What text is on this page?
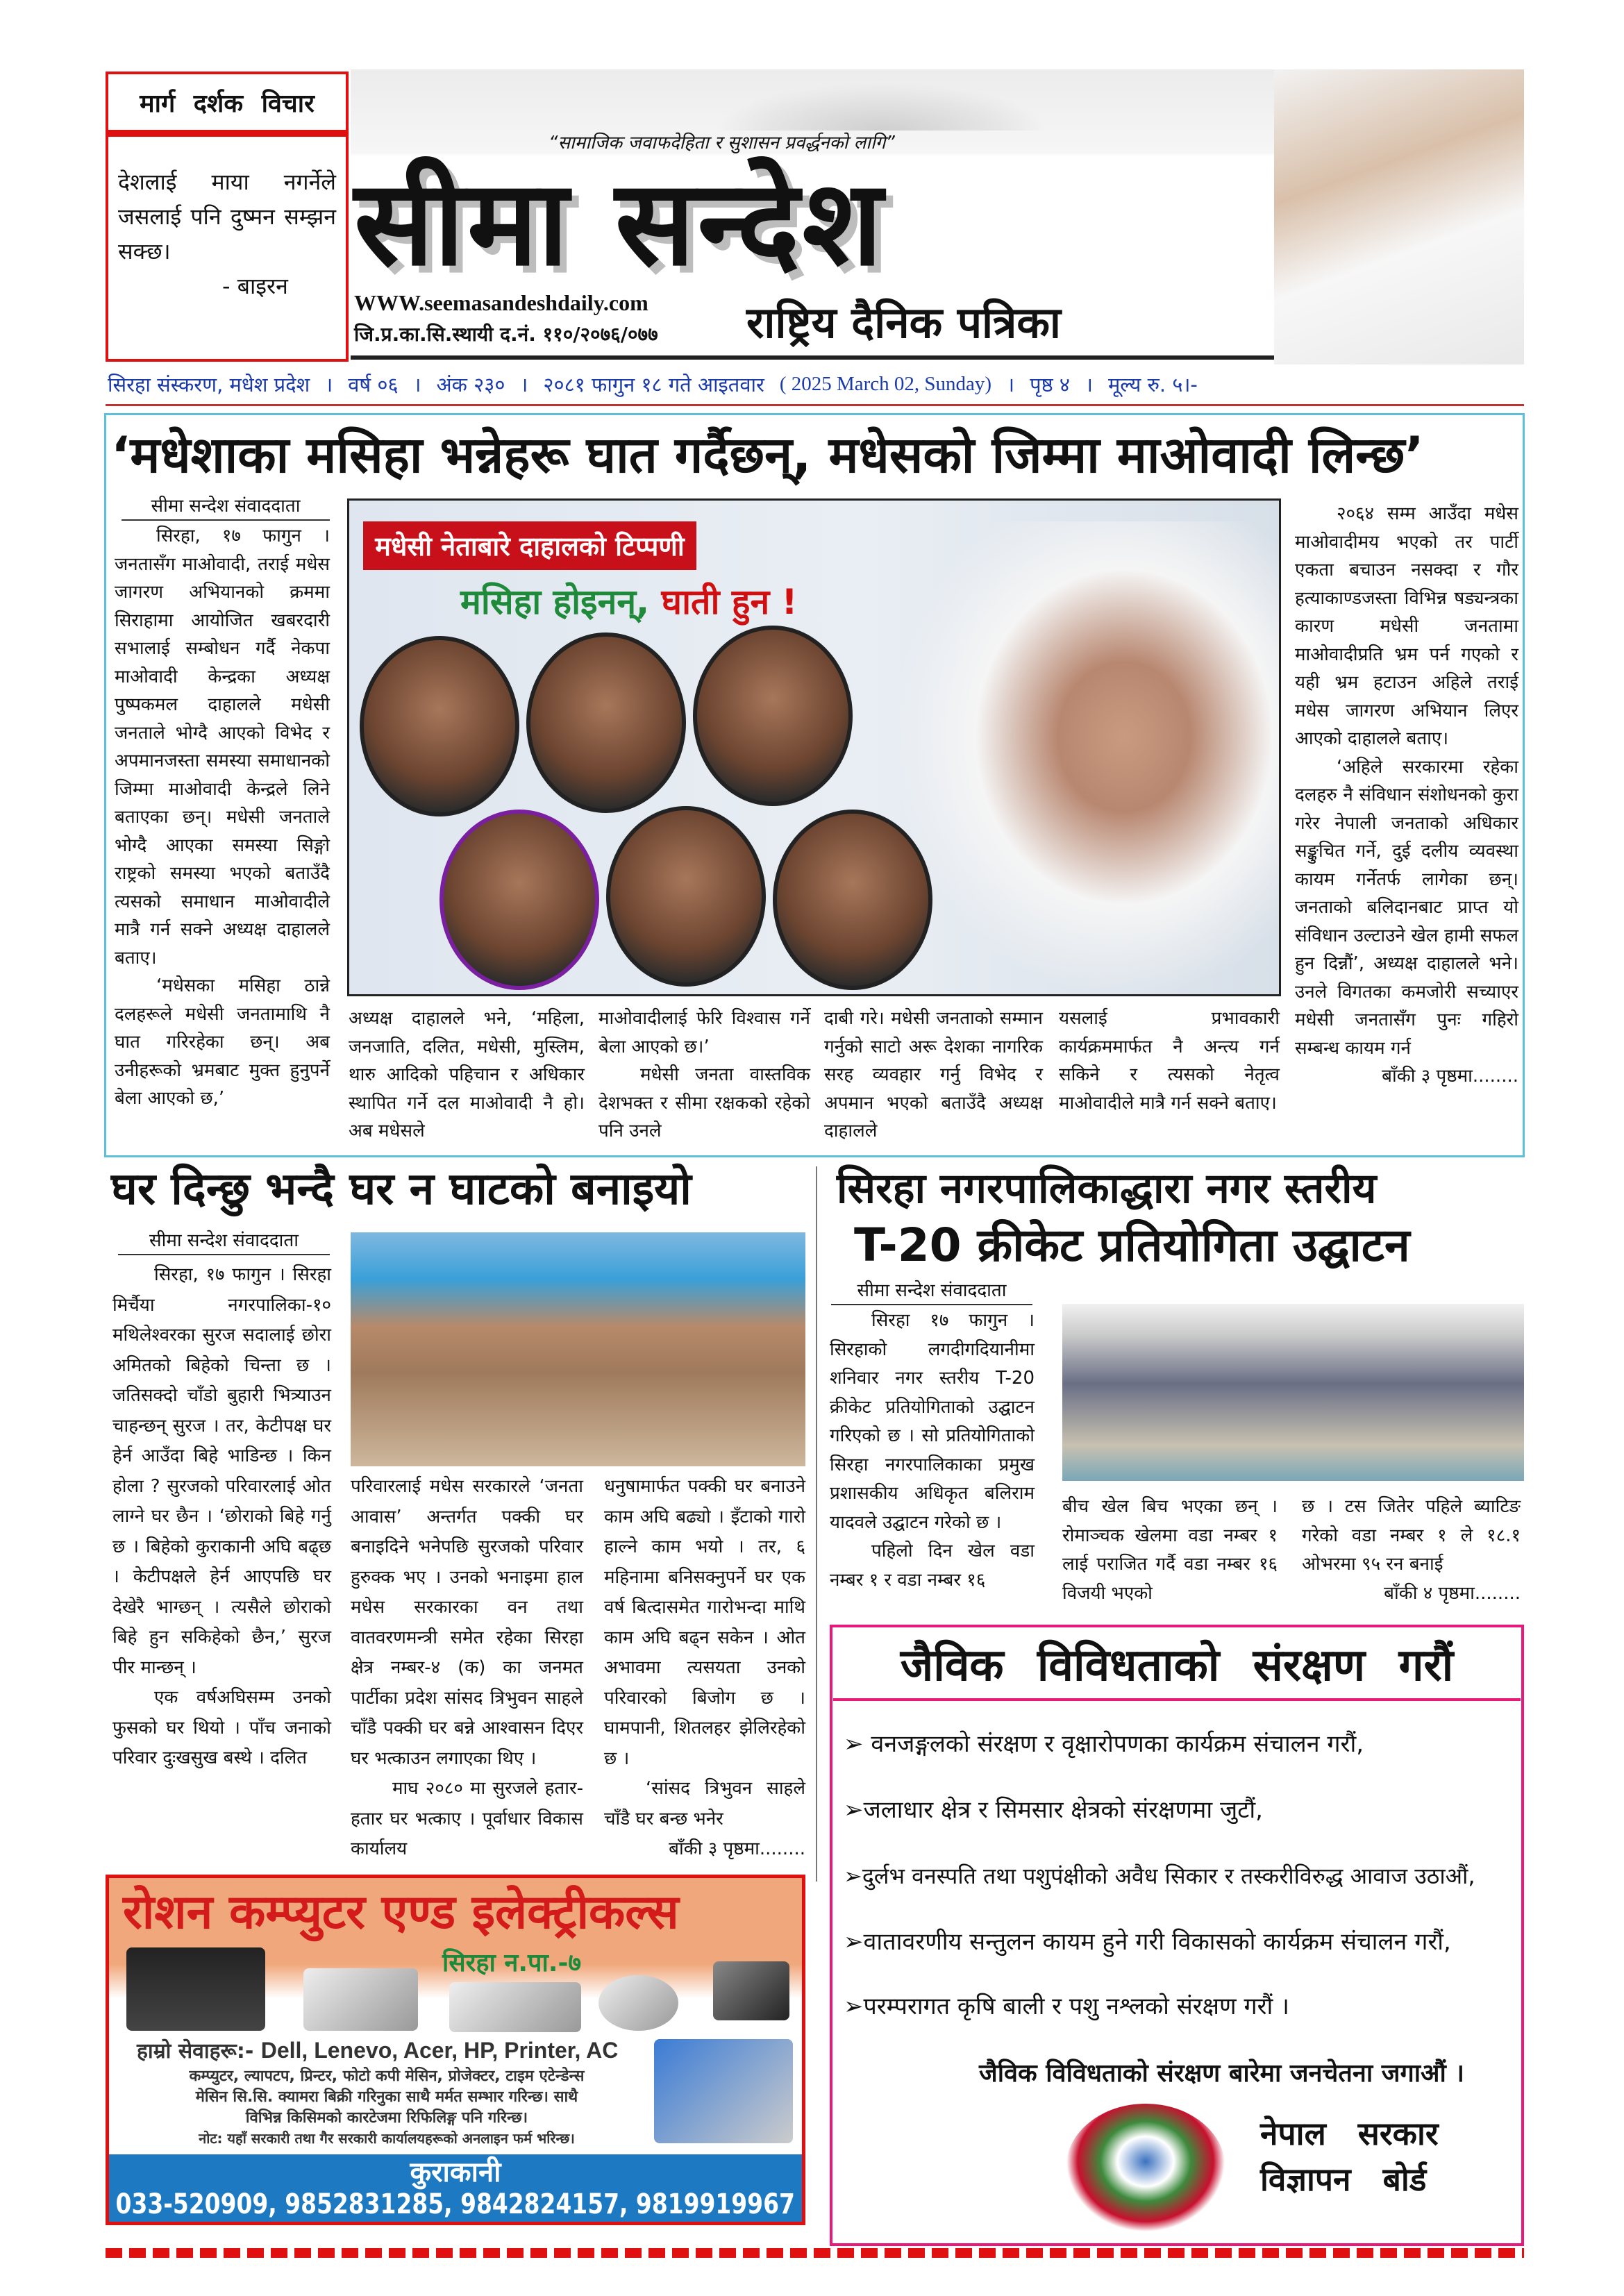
मार्ग दर्शक विचार
देशलाई माया नगर्नेले जसलाई पनि दुष्मन सम्झन सक्छ।

- बाइरन
“सामाजिक जवाफदेहिता र सुशासन प्रवर्द्धनको लागि”
सीमा सन्देश
WWW.seemasandeshdaily.com
जि.प्र.का.सि.स्थायी द.नं. ११०/२०७६/०७७ राष्ट्रिय दैनिक पत्रिका
सिरहा संस्करण, मधेश प्रदेश । वर्ष ०६ । अंक २३० । २०८१ फागुन १८ गते आइतवार ( 2025 March 02, Sunday) । पृष्ठ ४ । मूल्य रु. ५।-
‘मधेशाका मसिहा भन्नेहरू घात गर्दैछन्, मधेसको जिम्मा माओवादी लिन्छ’
सीमा सन्देश संवाददाता

सिरहा, १७ फागुन । जनतासँग माओवादी, तराई मधेस जागरण अभियानको क्रममा सिराहामा आयोजित खबरदारी सभालाई सम्बोधन गर्दै नेकपा माओवादी केन्द्रका अध्यक्ष पुष्पकमल दाहालले मधेसी जनताले भोग्दै आएको विभेद र अपमानजस्ता समस्या समाधानको जिम्मा माओवादी केन्द्रले लिने बताएका छन्। मधेसी जनताले भोग्दै आएका समस्या सिङ्गो राष्ट्रको समस्या भएको बताउँदै त्यसको समाधान माओवादीले मात्रै गर्न सक्ने अध्यक्ष दाहालले बताए।

‘मधेसका मसिहा ठान्ने दलहरूले मधेसी जनतामाथि नै घात गरिरहेका छन्। अब उनीहरूको भ्रमबाट मुक्त हुनुपर्ने बेला आएको छ,’

मधेसी नेताबारे दाहालको टिप्पणी
मसिहा होइनन्, घाती हुन !

अध्यक्ष दाहालले भने, ‘महिला, जनजाति, दलित, मधेसी, मुस्लिम, थारु आदिको पहिचान र अधिकार स्थापित गर्ने दल माओवादी नै हो। अब मधेसले

माओवादीलाई फेरि विश्वास गर्ने बेला आएको छ।’

मधेसी जनता वास्तविक देशभक्त र सीमा रक्षकको रहेको पनि उनले

दाबी गरे। मधेसी जनताको सम्मान गर्नुको साटो अरू देशका नागरिक सरह व्यवहार गर्नु विभेद र अपमान भएको बताउँदै अध्यक्ष दाहालले

यसलाई प्रभावकारी कार्यक्रममार्फत नै अन्त्य गर्न सकिने र त्यसको नेतृत्व माओवादीले मात्रै गर्न सक्ने बताए।

२०६४ सम्म आउँदा मधेस माओवादीमय भएको तर पार्टी एकता बचाउन नसक्दा र गौर हत्याकाण्डजस्ता विभिन्न षड्यन्त्रका कारण मधेसी जनतामा माओवादीप्रति भ्रम पर्न गएको र यही भ्रम हटाउन अहिले तराई मधेस जागरण अभियान लिएर आएको दाहालले बताए।

‘अहिले सरकारमा रहेका दलहरु नै संविधान संशोधनको कुरा गरेर नेपाली जनताको अधिकार सङ्कुचित गर्ने, दुई दलीय व्यवस्था कायम गर्नेतर्फ लागेका छन्। जनताको बलिदानबाट प्राप्त यो संविधान उल्टाउने खेल हामी सफल हुन दिन्नौं’, अध्यक्ष दाहालले भने। उनले विगतका कमजोरी सच्याएर मधेसी जनतासँग पुनः गहिरो सम्बन्ध कायम गर्न

बाँकी ३ पृष्ठमा........
घर दिन्छु भन्दै घर न घाटको बनाइयो
सीमा सन्देश संवाददाता

सिरहा, १७ फागुन । सिरहा मिर्चैया नगरपालिका-१० मथिलेश्वरका सुरज सदालाई छोरा अमितको बिहेको चिन्ता छ । जतिसक्दो चाँडो बुहारी भित्र्याउन चाहन्छन् सुरज । तर, केटीपक्ष घर हेर्न आउँदा बिहे भाडिन्छ । किन होला ? सुरजको परिवारलाई ओत लाग्ने घर छैन । ‘छोराको बिहे गर्नु छ । बिहेको कुराकानी अघि बढ्छ । केटीपक्षले हेर्न आएपछि घर देखेरै भाग्छन् । त्यसैले छोराको बिहे हुन सकिहेको छैन,’ सुरज पीर मान्छन् ।

एक वर्षअघिसम्म उनको फुसको घर थियो । पाँच जनाको परिवार दुःखसुख बस्थे । दलित

परिवारलाई मधेस सरकारले ‘जनता आवास’ अन्तर्गत पक्की घर बनाइदिने भनेपछि सुरजको परिवार हुरुक्क भए । उनको भनाइमा हाल मधेस सरकारका वन तथा वातवरणमन्त्री समेत रहेका सिरहा क्षेत्र नम्बर-४ (क) का जनमत पार्टीका प्रदेश सांसद त्रिभुवन साहले चाँडै पक्की घर बन्ने आश्वासन दिएर घर भत्काउन लगाएका थिए ।

माघ २०८० मा सुरजले हतार-हतार घर भत्काए । पूर्वाधार विकास कार्यालय

धनुषामार्फत पक्की घर बनाउने काम अघि बढ्यो । इँटाको गारो हाल्ने काम भयो । तर, ६ महिनामा बनिसक्नुपर्ने घर एक वर्ष बित्दासमेत गारोभन्दा माथि काम अघि बढ्न सकेन । ओत अभावमा त्यसयता उनको परिवारको बिजोग छ । घामपानी, शितलहर झेलिरहेको छ ।

‘सांसद त्रिभुवन साहले चाँडै घर बन्छ भनेर

बाँकी ३ पृष्ठमा........
सिरहा नगरपालिकाद्धारा नगर स्तरीय
T-20 क्रीकेट प्रतियोगिता उद्घाटन
सीमा सन्देश संवाददाता

सिरहा १७ फागुन । सिरहाको लगदीगदियानीमा शनिवार नगर स्तरीय T-20 क्रीकेट प्रतियोगिताको उद्घाटन गरिएको छ । सो प्रतियोगिताको सिरहा नगरपालिकाका प्रमुख प्रशासकीय अधिकृत बलिराम यादवले उद्घाटन गरेको छ ।

पहिलो दिन खेल वडा नम्बर १ र वडा नम्बर १६

बीच खेल बिच भएका छन् । रोमाञ्चक खेलमा वडा नम्बर १ लाई पराजित गर्दै वडा नम्बर १६ विजयी भएको

छ । टस जितेर पहिले ब्याटिङ गरेको वडा नम्बर १ ले १८.१ ओभरमा ९५ रन बनाई

बाँकी ४ पृष्ठमा........
जैविक विविधताको संरक्षण गरौं
➢ वनजङ्गलको संरक्षण र वृक्षारोपणका कार्यक्रम संचालन गरौं,
➢जलाधार क्षेत्र र सिमसार क्षेत्रको संरक्षणमा जुटौं,
➢दुर्लभ वनस्पति तथा पशुपंक्षीको अवैध सिकार र तस्करीविरुद्ध आवाज उठाऔं,
➢वातावरणीय सन्तुलन कायम हुने गरी विकासको कार्यक्रम संचालन गरौं,
➢परम्परागत कृषि बाली र पशु नश्लको संरक्षण गरौं ।
जैविक विविधताको संरक्षण बारेमा जनचेतना जगाऔं ।
नेपाल सरकार
विज्ञापन बोर्ड
रोशन कम्प्युटर एण्ड इलेक्ट्रीकल्स
सिरहा न.पा.-७
हाम्रो सेवाहरू:- Dell, Lenevo, Acer, HP, Printer, AC
कम्प्युटर, ल्यापटप, प्रिन्टर, फोटो कपी मेसिन, प्रोजेक्टर, टाइम एटेन्डेन्स
मेसिन सि.सि. क्यामरा बिक्री गरिनुका साथै मर्मत सम्भार गरिन्छ। साथै
विभिन्न किसिमको कारटेजमा रिफिलिङ्ग पनि गरिन्छ।
नोट: यहाँ सरकारी तथा गैर सरकारी कार्यालयहरूको अनलाइन फर्म भरिन्छ।
कुराकानी
033-520909, 9852831285, 9842824157, 9819919967
